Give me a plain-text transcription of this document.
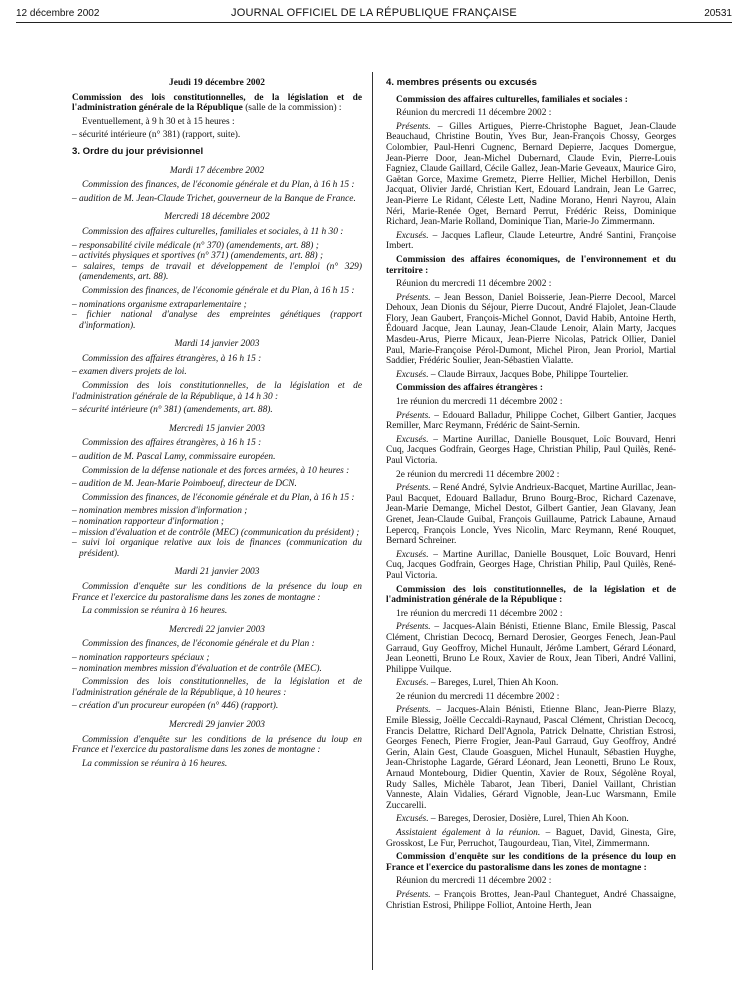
12 décembre 2002	JOURNAL OFFICIEL DE LA RÉPUBLIQUE FRANÇAISE	20531

Jeudi 19 décembre 2002

Commission des lois constitutionnelles, de la législation et de l'administration générale de la République (salle de la commission) :

Eventuellement, à 9 h 30 et à 15 heures :

– sécurité intérieure (n° 381) (rapport, suite).

3. Ordre du jour prévisionnel

Mardi 17 décembre 2002

Commission des finances, de l'économie générale et du Plan, à 16 h 15 :

– audition de M. Jean-Claude Trichet, gouverneur de la Banque de France.

Mercredi 18 décembre 2002

Commission des affaires culturelles, familiales et sociales, à 11 h 30 :

– responsabilité civile médicale (n° 370) (amendements, art. 88) ;
– activités physiques et sportives (n° 371) (amendements, art. 88) ;
– salaires, temps de travail et développement de l'emploi (n° 329) (amendements, art. 88).

Commission des finances, de l'économie générale et du Plan, à 16 h 15 :

– nominations organisme extraparlementaire ;
– fichier national d'analyse des empreintes génétiques (rapport d'information).

Mardi 14 janvier 2003

Commission des affaires étrangères, à 16 h 15 :

– examen divers projets de loi.

Commission des lois constitutionnelles, de la législation et de l'administration générale de la République, à 14 h 30 :

– sécurité intérieure (n° 381) (amendements, art. 88).

Mercredi 15 janvier 2003

Commission des affaires étrangères, à 16 h 15 :

– audition de M. Pascal Lamy, commissaire européen.

Commission de la défense nationale et des forces armées, à 10 heures :

– audition de M. Jean-Marie Poimboeuf, directeur de DCN.

Commission des finances, de l'économie générale et du Plan, à 16 h 15 :

– nomination membres mission d'information ;
– nomination rapporteur d'information ;
– mission d'évaluation et de contrôle (MEC) (communication du président) ;
– suivi loi organique relative aux lois de finances (communication du président).

Mardi 21 janvier 2003

Commission d'enquête sur les conditions de la présence du loup en France et l'exercice du pastoralisme dans les zones de montagne :

La commission se réunira à 16 heures.

Mercredi 22 janvier 2003

Commission des finances, de l'économie générale et du Plan :

– nomination rapporteurs spéciaux ;
– nomination membres mission d'évaluation et de contrôle (MEC).

Commission des lois constitutionnelles, de la législation et de l'administration générale de la République, à 10 heures :

– création d'un procureur européen (n° 446) (rapport).

Mercredi 29 janvier 2003

Commission d'enquête sur les conditions de la présence du loup en France et l'exercice du pastoralisme dans les zones de montagne :

La commission se réunira à 16 heures.

4. membres présents ou excusés

Commission des affaires culturelles, familiales et sociales :

Réunion du mercredi 11 décembre 2002 :

Présents. – Gilles Artigues, Pierre-Christophe Baguet, Jean-Claude Beauchaud, Christine Boutin, Yves Bur, Jean-François Chossy, Georges Colombier, Paul-Henri Cugnenc, Bernard Depierre, Jacques Domergue, Jean-Pierre Door, Jean-Michel Dubernard, Claude Evin, Pierre-Louis Fagniez, Claude Gaillard, Cécile Gallez, Jean-Marie Geveaux, Maurice Giro, Gaëtan Gorce, Maxime Gremetz, Pierre Hellier, Michel Herbillon, Denis Jacquat, Olivier Jardé, Christian Kert, Edouard Landrain, Jean Le Garrec, Jean-Pierre Le Ridant, Céleste Lett, Nadine Morano, Henri Nayrou, Alain Néri, Marie-Renée Oget, Bernard Perrut, Frédéric Reiss, Dominique Richard, Jean-Marie Rolland, Dominique Tian, Marie-Jo Zimmermann.

Excusés. – Jacques Lafleur, Claude Leteurtre, André Santini, Françoise Imbert.

Commission des affaires économiques, de l'environnement et du territoire :

Réunion du mercredi 11 décembre 2002 :

Présents. – Jean Besson, Daniel Boisserie, Jean-Pierre Decool, Marcel Dehoux, Jean Dionis du Séjour, Pierre Ducout, André Flajolet, Jean-Claude Flory, Jean Gaubert, François-Michel Gonnot, David Habib, Antoine Herth, Édouard Jacque, Jean Launay, Jean-Claude Lenoir, Alain Marty, Jacques Masdeu-Arus, Pierre Micaux, Jean-Pierre Nicolas, Patrick Ollier, Daniel Paul, Marie-Françoise Pérol-Dumont, Michel Piron, Jean Proriol, Martial Saddier, Frédéric Soulier, Jean-Sébastien Vialatte.

Excusés. – Claude Birraux, Jacques Bobe, Philippe Tourtelier.

Commission des affaires étrangères :

1re réunion du mercredi 11 décembre 2002 :

Présents. – Edouard Balladur, Philippe Cochet, Gilbert Gantier, Jacques Remiller, Marc Reymann, Frédéric de Saint-Sernin.

Excusés. – Martine Aurillac, Danielle Bousquet, Loïc Bouvard, Henri Cuq, Jacques Godfrain, Georges Hage, Christian Philip, Paul Quilès, René-Paul Victoria.

2e réunion du mercredi 11 décembre 2002 :

Présents. – René André, Sylvie Andrieux-Bacquet, Martine Aurillac, Jean-Paul Bacquet, Edouard Balladur, Bruno Bourg-Broc, Richard Cazenave, Jean-Marie Demange, Michel Destot, Gilbert Gantier, Jean Glavany, Jean Grenet, Jean-Claude Guibal, François Guillaume, Patrick Labaune, Arnaud Lepercq, François Loncle, Yves Nicolin, Marc Reymann, René Rouquet, Bernard Schreiner.

Excusés. – Martine Aurillac, Danielle Bousquet, Loïc Bouvard, Henri Cuq, Jacques Godfrain, Georges Hage, Christian Philip, Paul Quilès, René-Paul Victoria.

Commission des lois constitutionnelles, de la législation et de l'administration générale de la République :

1re réunion du mercredi 11 décembre 2002 :

Présents. – Jacques-Alain Bénisti, Etienne Blanc, Emile Blessig, Pascal Clément, Christian Decocq, Bernard Derosier, Georges Fenech, Jean-Paul Garraud, Guy Geoffroy, Michel Hunault, Jérôme Lambert, Gérard Léonard, Jean Leonetti, Bruno Le Roux, Xavier de Roux, Jean Tiberi, André Vallini, Philippe Vuilque.

Excusés. – Bareges, Lurel, Thien Ah Koon.

2e réunion du mercredi 11 décembre 2002 :

Présents. – Jacques-Alain Bénisti, Etienne Blanc, Jean-Pierre Blazy, Emile Blessig, Joëlle Ceccaldi-Raynaud, Pascal Clément, Christian Decocq, Francis Delattre, Richard Dell'Agnola, Patrick Delnatte, Christian Estrosi, Georges Fenech, Pierre Frogier, Jean-Paul Garraud, Guy Geoffroy, André Gerin, Alain Gest, Claude Goasguen, Michel Hunault, Sébastien Huyghe, Jean-Christophe Lagarde, Gérard Léonard, Jean Leonetti, Bruno Le Roux, Arnaud Montebourg, Didier Quentin, Xavier de Roux, Ségolène Royal, Rudy Salles, Michèle Tabarot, Jean Tiberi, Daniel Vaillant, Christian Vanneste, Alain Vidalies, Gérard Vignoble, Jean-Luc Warsmann, Emile Zuccarelli.

Excusés. – Bareges, Derosier, Dosière, Lurel, Thien Ah Koon.

Assistaient également à la réunion. – Baguet, David, Ginesta, Gire, Grosskost, Le Fur, Perruchot, Taugourdeau, Tian, Vitel, Zimmermann.

Commission d'enquête sur les conditions de la présence du loup en France et l'exercice du pastoralisme dans les zones de montagne :

Réunion du mercredi 11 décembre 2002 :

Présents. – François Brottes, Jean-Paul Chanteguet, André Chassaigne, Christian Estrosi, Philippe Folliot, Antoine Herth, Jean
